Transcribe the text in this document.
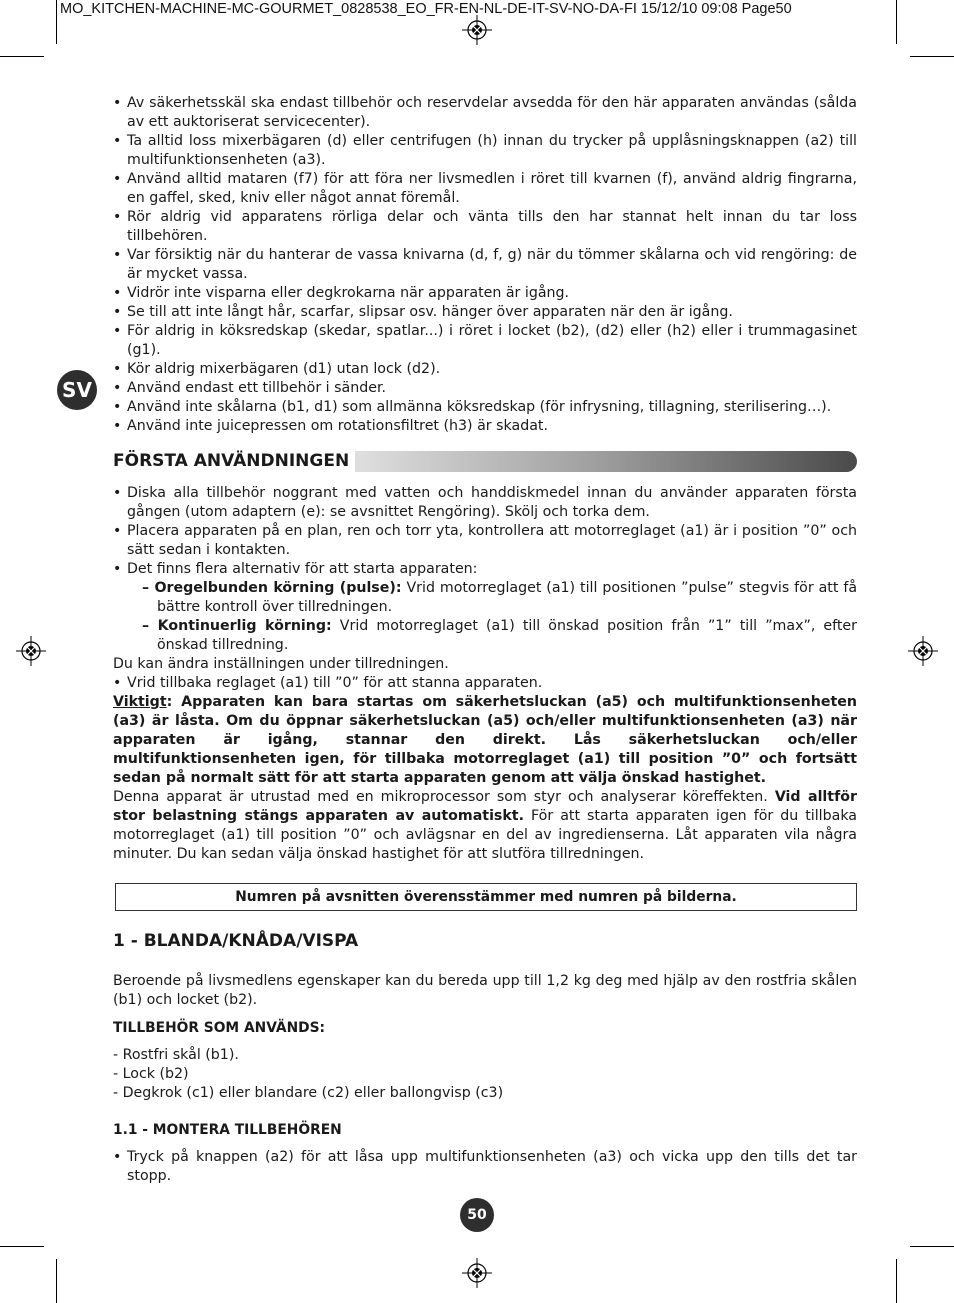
MO_KITCHEN-MACHINE-MC-GOURMET_0828538_EO_FR-EN-NL-DE-IT-SV-NO-DA-FI 15/12/10 09:08 Page50
SV
• Av säkerhetsskäl ska endast tillbehör och reservdelar avsedda för den här apparaten användas (sålda av ett auktoriserat servicecenter).
• Ta alltid loss mixerbägaren (d) eller centrifugen (h) innan du trycker på upplåsningsknappen (a2) till multifunktionsenheten (a3).
• Använd alltid mataren (f7) för att föra ner livsmedlen i röret till kvarnen (f), använd aldrig fingrarna, en gaffel, sked, kniv eller något annat föremål.
• Rör aldrig vid apparatens rörliga delar och vänta tills den har stannat helt innan du tar loss tillbehören.
• Var försiktig när du hanterar de vassa knivarna (d, f, g) när du tömmer skålarna och vid rengöring: de är mycket vassa.
• Vidrör inte visparna eller degkrokarna när apparaten är igång.
• Se till att inte långt hår, scarfar, slipsar osv. hänger över apparaten när den är igång.
• För aldrig in köksredskap (skedar, spatlar...) i röret i locket (b2), (d2) eller (h2) eller i trummagasinet (g1).
• Kör aldrig mixerbägaren (d1) utan lock (d2).
• Använd endast ett tillbehör i sänder.
• Använd inte skålarna (b1, d1) som allmänna köksredskap (för infrysning, tillagning, sterilisering…).
• Använd inte juicepressen om rotationsfiltret (h3) är skadat.
FÖRSTA ANVÄNDNINGEN
• Diska alla tillbehör noggrant med vatten och handdiskmedel innan du använder apparaten första gången (utom adaptern (e): se avsnittet Rengöring). Skölj och torka dem.
• Placera apparaten på en plan, ren och torr yta, kontrollera att motorreglaget (a1) är i position ”0” och sätt sedan i kontakten.
• Det finns flera alternativ för att starta apparaten:
– Oregelbunden körning (pulse): Vrid motorreglaget (a1) till positionen ”pulse” stegvis för att få bättre kontroll över tillredningen.
– Kontinuerlig körning: Vrid motorreglaget (a1) till önskad position från ”1” till ”max”, efter önskad tillredning.

Du kan ändra inställningen under tillredningen.

• Vrid tillbaka reglaget (a1) till ”0” för att stanna apparaten.

Viktigt: Apparaten kan bara startas om säkerhetsluckan (a5) och multifunktionsenheten (a3) är låsta. Om du öppnar säkerhetsluckan (a5) och/eller multifunktionsenheten (a3) när apparaten är igång, stannar den direkt. Lås säkerhetsluckan och/eller multifunktionsenheten igen, för tillbaka motorreglaget (a1) till position ”0” och fortsätt sedan på normalt sätt för att starta apparaten genom att välja önskad hastighet.

Denna apparat är utrustad med en mikroprocessor som styr och analyserar köreffekten. Vid alltför stor belastning stängs apparaten av automatiskt. För att starta apparaten igen för du tillbaka motorreglaget (a1) till position ”0” och avlägsnar en del av ingredienserna. Låt apparaten vila några minuter. Du kan sedan välja önskad hastighet för att slutföra tillredningen.

Numren på avsnitten överensstämmer med numren på bilderna.
1 - BLANDA/KNÅDA/VISPA

Beroende på livsmedlens egenskaper kan du bereda upp till 1,2 kg deg med hjälp av den rostfria skålen (b1) och locket (b2).

TILLBEHÖR SOM ANVÄNDS:

- Rostfri skål (b1).

- Lock (b2)

- Degkrok (c1) eller blandare (c2) eller ballongvisp (c3)

1.1 - MONTERA TILLBEHÖREN

• Tryck på knappen (a2) för att låsa upp multifunktionsenheten (a3) och vicka upp den tills det tar stopp.
50
